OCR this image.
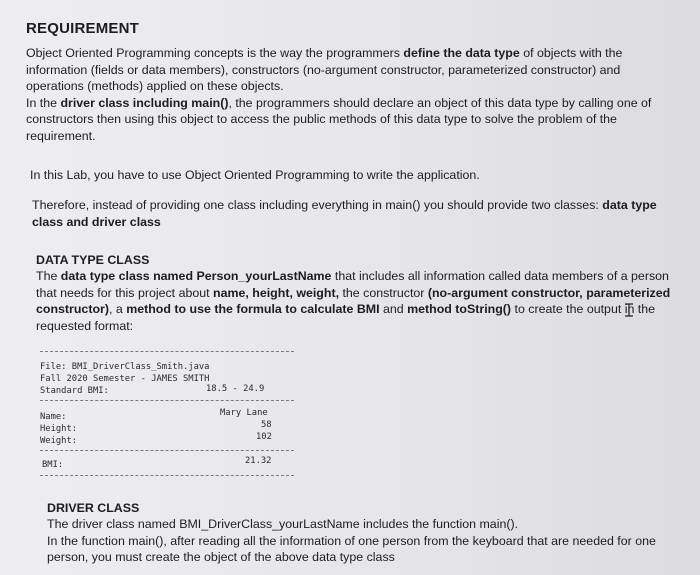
REQUIREMENT
Object Oriented Programming concepts is the way the programmers define the data type of objects with the
information (fields or data members), constructors (no-argument constructor, parameterized constructor) and
operations (methods) applied on these objects.
In the driver class including main(), the programmers should declare an object of this data type by calling one of
constructors then using this object to access the public methods of this data type to solve the problem of the
requirement.
In this Lab, you have to use Object Oriented Programming to write the application.
Therefore, instead of providing one class including everything in main() you should provide two classes: data type
class and driver class
DATA TYPE CLASS
The data type class named Person_yourLastName that includes all information called data members of a person
that needs for this project about name, height, weight, the constructor (no-argument constructor, parameterized
constructor), a method to use the formula to calculate BMI and method toString() to create the output in the
requested format:
File: BMI_DriverClass_Smith.java
Fall 2020 Semester - JAMES SMITH
Standard BMI:	18.5 - 24.9
Name:	Mary Lane
Height:	58
Weight:	102
BMI:	21.32
DRIVER CLASS
The driver class named BMI_DriverClass_yourLastName includes the function main().
In the function main(), after reading all the information of one person from the keyboard that are needed for one
person, you must create the object of the above data type class
